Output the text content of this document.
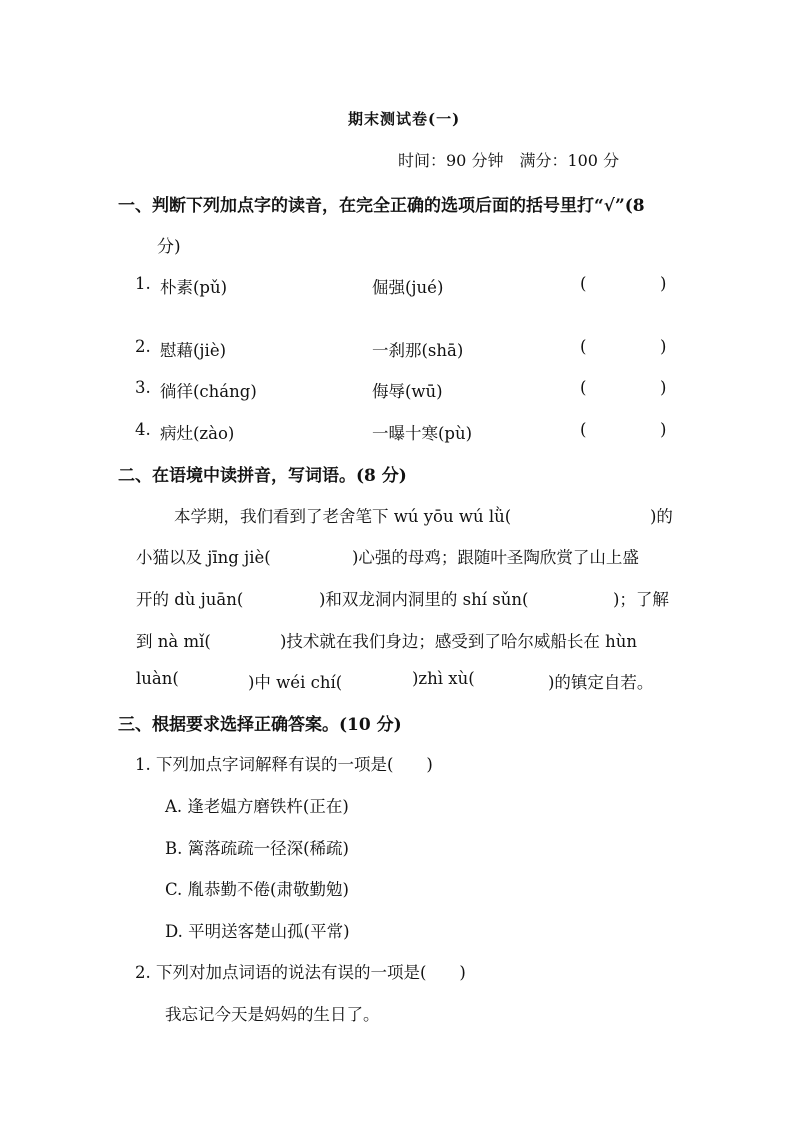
期末测试卷(一)
时间：90 分钟　满分：100 分
一、判断下列加点字的读音，在完全正确的选项后面的括号里打“√”(8
分)
1. 朴素(pǔ)	倔强(jué)	(	)
2. 慰藉(jiè)	一刹那(shā)	(	)
3. 徜徉(cháng)	侮辱(wū)	(	)
4. 病灶(zào)	一曝十寒(pù)	(	)
二、在语境中读拼音，写词语。(8 分)
本学期，我们看到了老舍笔下 wú yōu wú lǜ(	)的
小猫以及 jīng jiè(	)心强的母鸡；跟随叶圣陶欣赏了山上盛
开的 dù juān(	)和双龙洞内洞里的 shí sǔn(	)；了解
到 nà mǐ(	)技术就在我们身边；感受到了哈尔威船长在 hùn
luàn(	)中 wéi chí(	)zhì xù(	)的镇定自若。
三、根据要求选择正确答案。(10 分)
1. 下列加点字词解释有误的一项是(　　)
A. 逢老媪方磨铁杵(正在)
B. 篱落疏疏一径深(稀疏)
C. 胤恭勤不倦(肃敬勤勉)
D. 平明送客楚山孤(平常)
2. 下列对加点词语的说法有误的一项是(　　)
我忘记今天是妈妈的生日了。
